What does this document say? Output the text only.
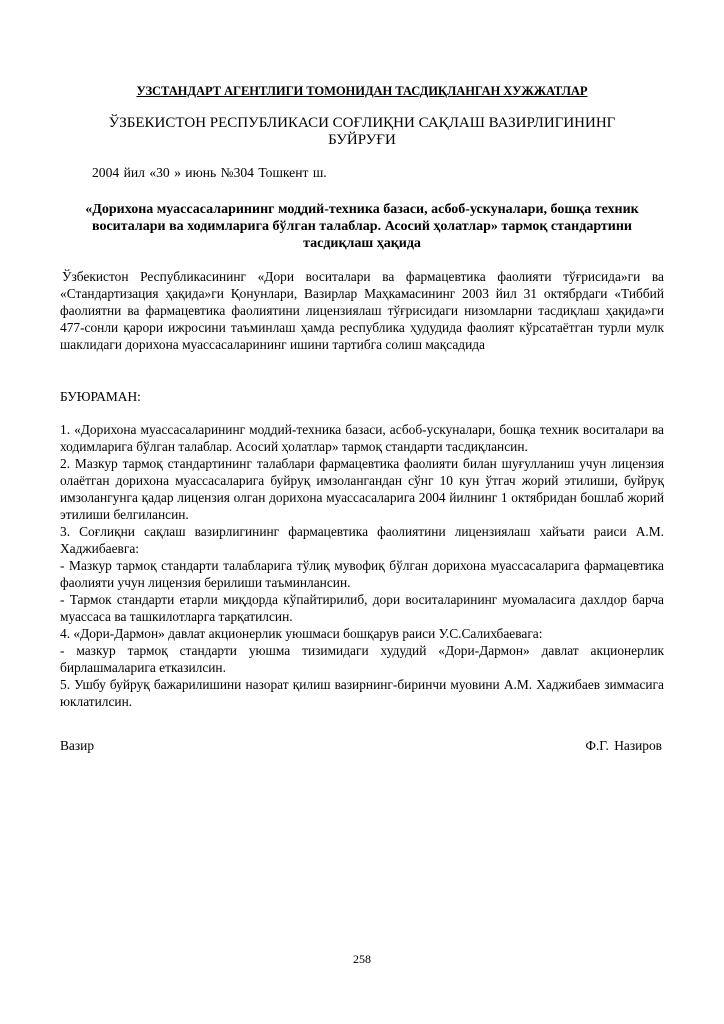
УЗСТАНДАРТ АГЕНТЛИГИ ТОМОНИДАН ТАСДИҚЛАНГАН ХУЖЖАТЛАР
ЎЗБЕКИСТОН РЕСПУБЛИКАСИ СОҒЛИҚНИ САҚЛАШ ВАЗИРЛИГИНИНГ
БУЙРУҒИ
2004 йил «30 » июнь №304 Тошкент ш.
«Дорихона муассасаларининг моддий-техника базаси, асбоб-ускуналари, бошқа техник
воситалари ва ходимларига бўлган талаблар. Асосий ҳолатлар» тармоқ стандартини
тасдиқлаш ҳақида
Ўзбекистон Республикасининг «Дори воситалари ва фармацевтика фаолияти тўғрисида»ги ва «Стандартизация ҳақида»ги Қонунлари, Вазирлар Маҳкамасининг 2003 йил 31 октябрдаги «Тиббий фаолиятни ва фармацевтика фаолиятини лицензиялаш тўғрисидаги низомларни тасдиқлаш ҳақида»ги 477-сонли қарори ижросини таъминлаш ҳамда республика ҳудудида фаолият кўрсатаётган турли мулк шаклидаги дорихона муассасаларининг ишини тартибга солиш мақсадида
БУЮРАМАН:

1. «Дорихона муассасаларининг моддий-техника базаси, асбоб-ускуналари, бошқа техник воситалари ва ходимларига бўлган талаблар. Асосий ҳолатлар» тармоқ стандарти тасдиқлансин.

2. Мазкур тармоқ стандартининг талаблари фармацевтика фаолияти билан шуғулланиш учун лицензия олаётган дорихона муассасаларига буйруқ имзолангандан сўнг 10 кун ўтгач жорий этилиши, буйруқ имзолангунга қадар лицензия олган дорихона муассасаларига 2004 йилнинг 1 октябридан бошлаб жорий этилиши белгилансин.

3. Соғлиқни сақлаш вазирлигининг фармацевтика фаолиятини лицензиялаш хайъати раиси А.М. Хаджибаевга:

- Мазкур тармоқ стандарти талабларига тўлиқ мувофиқ бўлган дорихона муассасаларига фармацевтика фаолияти учун лицензия берилиши таъминлансин.

- Тармок стандарти етарли миқдорда кўпайтирилиб, дори воситаларининг муомаласига дахлдор барча муассаса ва ташкилотларга тарқатилсин.

4. «Дори-Дармон» давлат акционерлик уюшмаси бошқарув раиси У.С.Салихбаевага:

- мазкур тармоқ стандарти уюшма тизимидаги худудий «Дори-Дармон» давлат акционерлик бирлашмаларига етказилсин.

5. Ушбу буйруқ бажарилишини назорат қилиш вазирнинг-биринчи муовини А.М. Хаджибаев зиммасига юклатилсин.

Вазир	Ф.Г. Назиров
258
